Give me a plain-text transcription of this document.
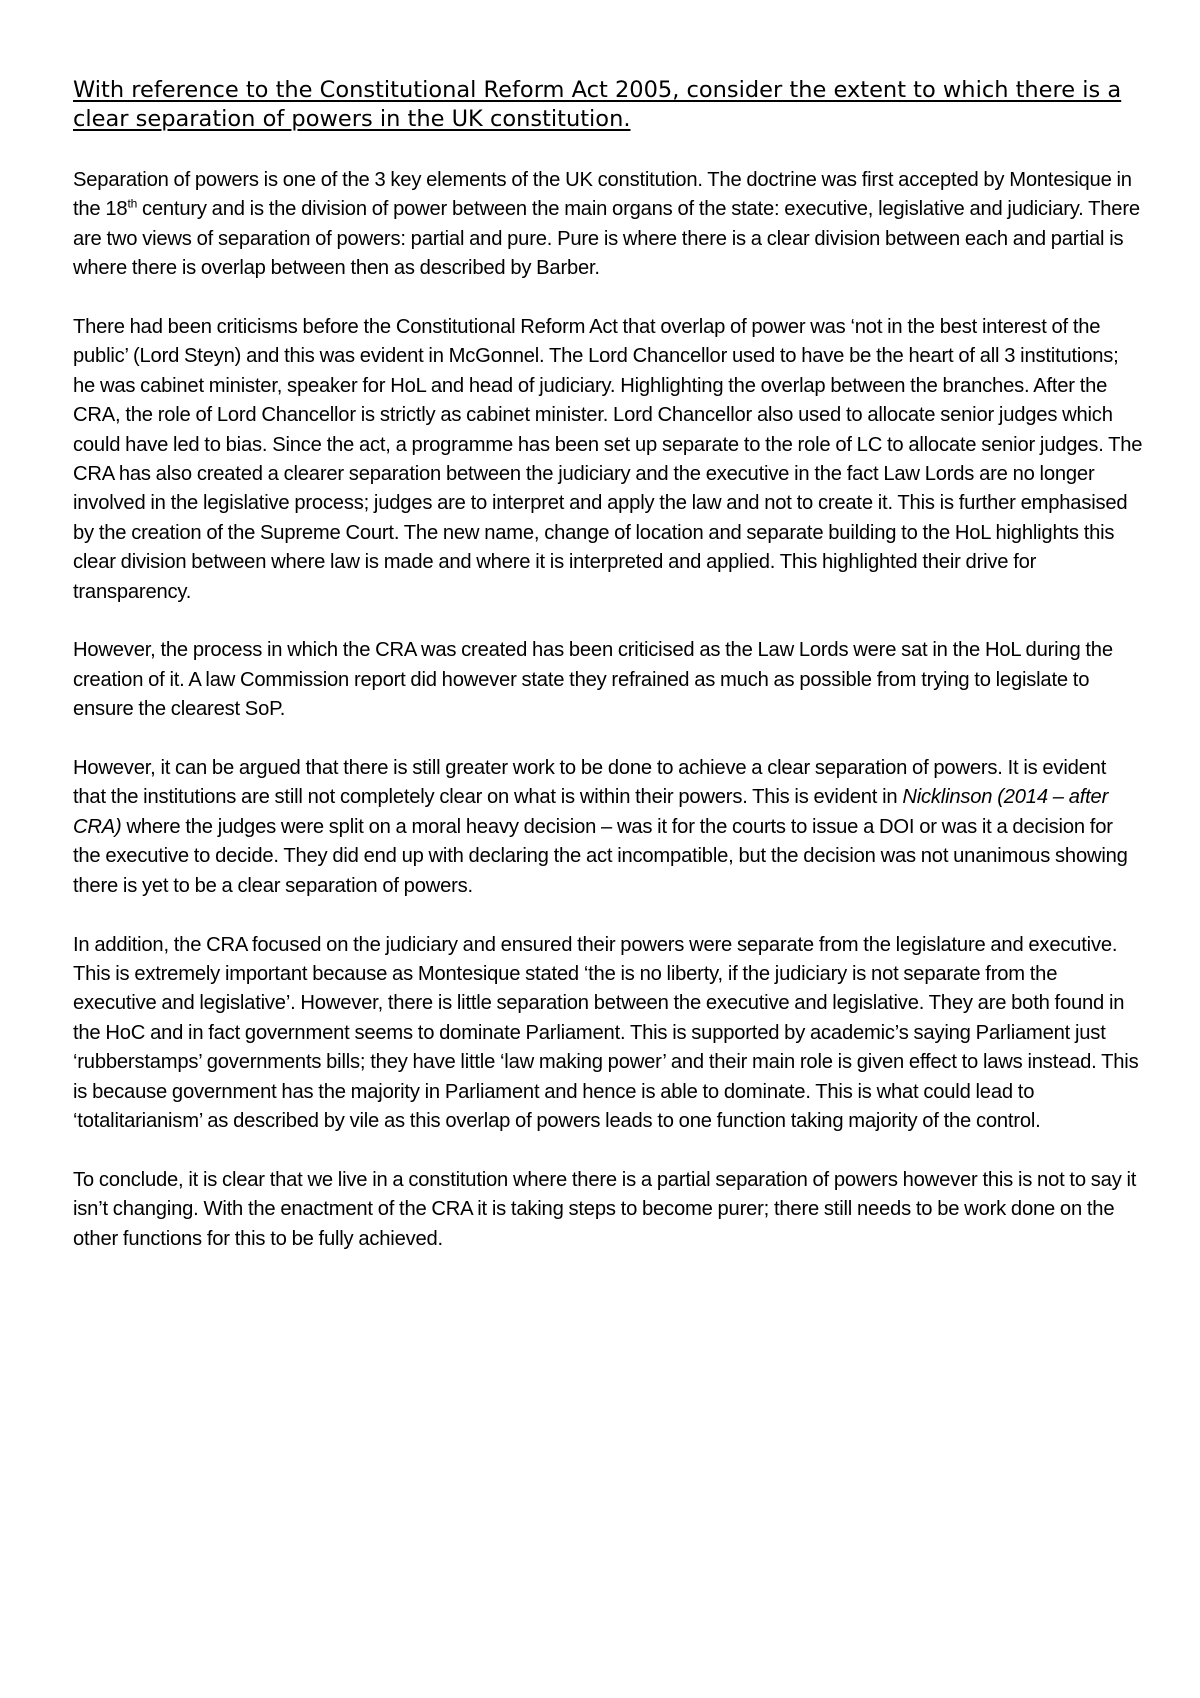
With reference to the Constitutional Reform Act 2005, consider the extent to which there is a clear separation of powers in the UK constitution.

Separation of powers is one of the 3 key elements of the UK constitution. The doctrine was first accepted by Montesique in the 18th century and is the division of power between the main organs of the state: executive, legislative and judiciary. There are two views of separation of powers: partial and pure. Pure is where there is a clear division between each and partial is where there is overlap between then as described by Barber.

There had been criticisms before the Constitutional Reform Act that overlap of power was ‘not in the best interest of the public’ (Lord Steyn) and this was evident in McGonnel. The Lord Chancellor used to have be the heart of all 3 institutions; he was cabinet minister, speaker for HoL and head of judiciary. Highlighting the overlap between the branches. After the CRA, the role of Lord Chancellor is strictly as cabinet minister. Lord Chancellor also used to allocate senior judges which could have led to bias. Since the act, a programme has been set up separate to the role of LC to allocate senior judges. The CRA has also created a clearer separation between the judiciary and the executive in the fact Law Lords are no longer involved in the legislative process; judges are to interpret and apply the law and not to create it. This is further emphasised by the creation of the Supreme Court. The new name, change of location and separate building to the HoL highlights this clear division between where law is made and where it is interpreted and applied. This highlighted their drive for transparency.

However, the process in which the CRA was created has been criticised as the Law Lords were sat in the HoL during the creation of it. A law Commission report did however state they refrained as much as possible from trying to legislate to ensure the clearest SoP.

However, it can be argued that there is still greater work to be done to achieve a clear separation of powers. It is evident that the institutions are still not completely clear on what is within their powers. This is evident in Nicklinson (2014 – after CRA) where the judges were split on a moral heavy decision – was it for the courts to issue a DOI or was it a decision for the executive to decide. They did end up with declaring the act incompatible, but the decision was not unanimous showing there is yet to be a clear separation of powers.

In addition, the CRA focused on the judiciary and ensured their powers were separate from the legislature and executive. This is extremely important because as Montesique stated ‘the is no liberty, if the judiciary is not separate from the executive and legislative’. However, there is little separation between the executive and legislative. They are both found in the HoC and in fact government seems to dominate Parliament. This is supported by academic’s saying Parliament just ‘rubberstamps’ governments bills; they have little ‘law making power’ and their main role is given effect to laws instead. This is because government has the majority in Parliament and hence is able to dominate. This is what could lead to ‘totalitarianism’ as described by vile as this overlap of powers leads to one function taking majority of the control.

To conclude, it is clear that we live in a constitution where there is a partial separation of powers however this is not to say it isn’t changing. With the enactment of the CRA it is taking steps to become purer; there still needs to be work done on the other functions for this to be fully achieved.
